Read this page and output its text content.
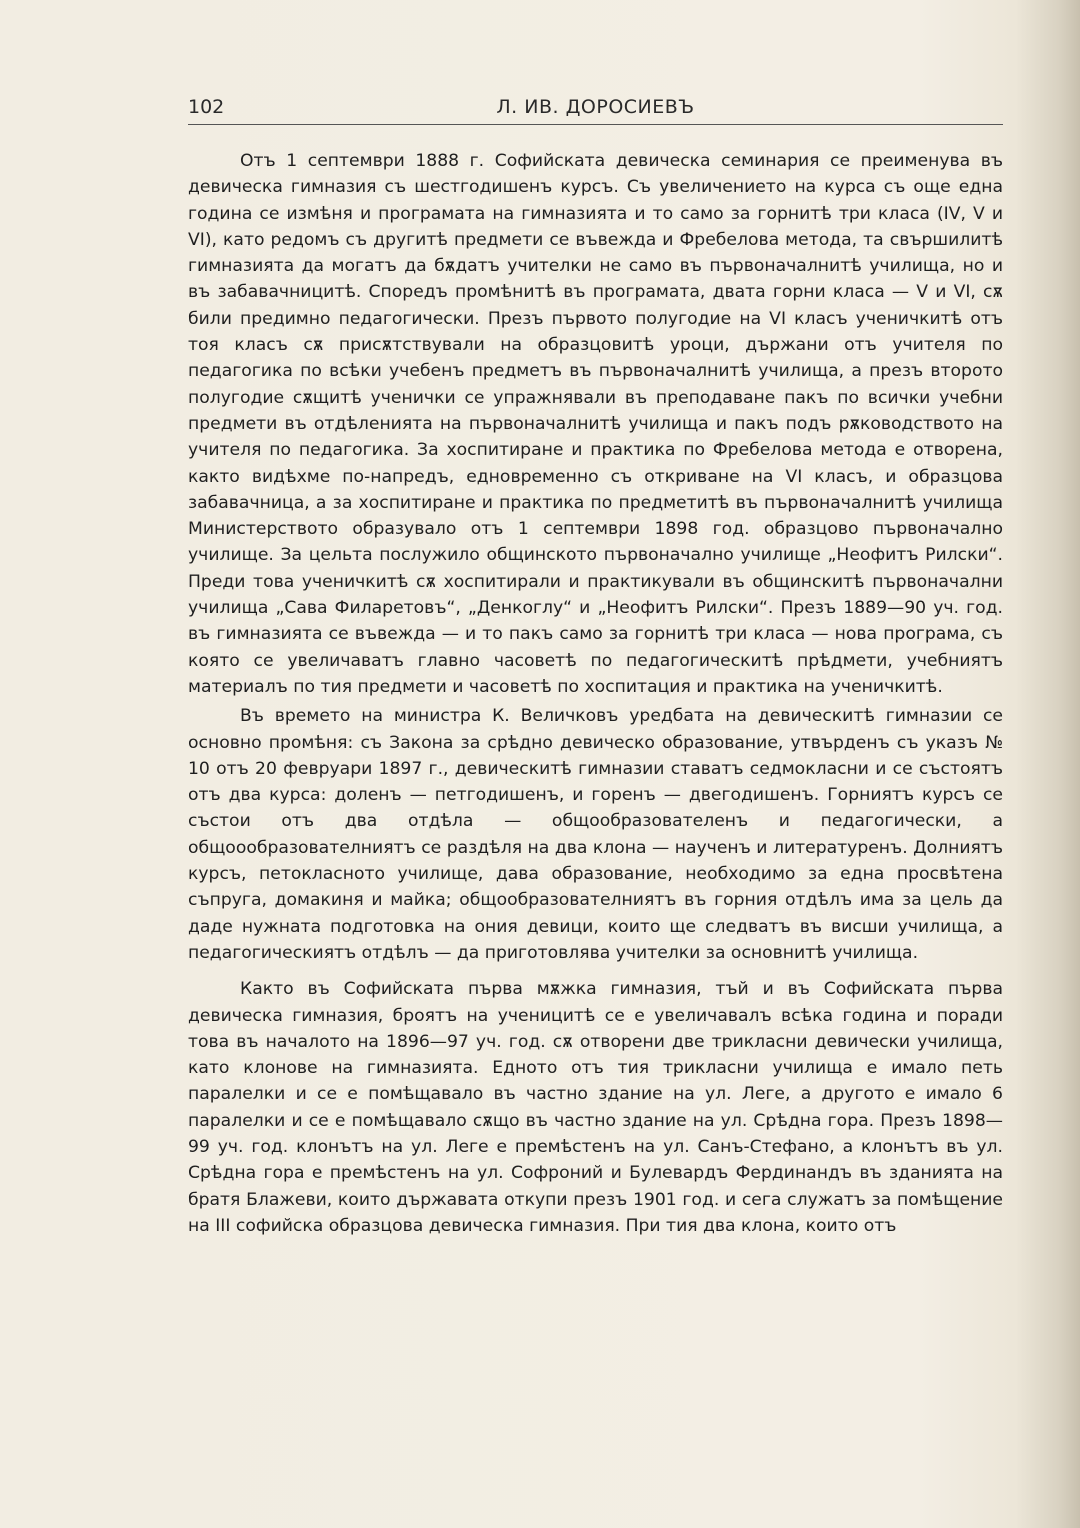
102	Л. ИВ. ДОРОСИЕВЪ

Отъ 1 септември 1888 г. Софийската девическа семинария се преименува въ девическа гимназия съ шестгодишенъ курсъ. Съ увеличението на курса съ още една година се измѣня и програмата на гимназията и то само за горнитѣ три класа (IV, V и VI), като редомъ съ другитѣ предмети се въвежда и Фребелова метода, та свършилитѣ гимназията да могатъ да бѫдатъ учителки не само въ първоначалнитѣ училища, но и въ забавачницитѣ. Споредъ промѣнитѣ въ програмата, двата горни класа — V и VI, сѫ били предимно педагогически. Презъ първото полугодие на VI класъ ученичкитѣ отъ тоя класъ сѫ присѫтствували на образцовитѣ уроци, държани отъ учителя по педагогика по всѣки учебенъ предметъ въ първоначалнитѣ училища, а презъ второто полугодие сѫщитѣ ученички се упражнявали въ преподаване пакъ по всички учебни предмети въ отдѣленията на първоначалнитѣ училища и пакъ подъ рѫководството на учителя по педагогика. За хоспитиране и практика по Фребелова метода е отворена, както видѣхме по-напредъ, едновременно съ откриване на VI класъ, и образцова забавачница, а за хоспитиране и практика по предметитѣ въ първоначалнитѣ училища Министерството образувало отъ 1 септември 1898 год. образцово първоначално училище. За цельта послужило общинското първоначално училище „Неофитъ Рилски“. Преди това ученичкитѣ сѫ хоспитирали и практикували въ общинскитѣ първоначални училища „Сава Филаретовъ“, „Денкоглу“ и „Неофитъ Рилски“. Презъ 1889—90 уч. год. въ гимназията се въвежда — и то пакъ само за горнитѣ три класа — нова програма, съ която се увеличаватъ главно часоветѣ по педагогическитѣ прѣдмети, учебниятъ материалъ по тия предмети и часоветѣ по хоспитация и практика на ученичкитѣ.

Въ времето на министра К. Величковъ уредбата на девическитѣ гимназии се основно промѣня: съ Закона за срѣдно девическо образование, утвърденъ съ указъ № 10 отъ 20 февруари 1897 г., девическитѣ гимназии ставатъ седмокласни и се състоятъ отъ два курса: доленъ — петгодишенъ, и горенъ — двегодишенъ. Горниятъ курсъ се състои отъ два отдѣла — общообразователенъ и педагогически, а общоообразователниятъ се раздѣля на два клона — наученъ и литературенъ. Долниятъ курсъ, петокласното училище, дава образование, необходимо за една просвѣтена съпруга, домакиня и майка; общообразователниятъ въ горния отдѣлъ има за цель да даде нужната подготовка на ония девици, които ще следватъ въ висши училища, а педагогическиятъ отдѣлъ — да приготовлява учителки за основнитѣ училища.

Както въ Софийската първа мѫжка гимназия, тъй и въ Софийската първа девическа гимназия, броятъ на ученицитѣ се е увеличавалъ всѣка година и поради това въ началото на 1896—97 уч. год. сѫ отворени две трикласни девически училища, като клонове на гимназията. Едното отъ тия трикласни училища е имало петь паралелки и се е помѣщавало въ частно здание на ул. Леге, а другото е имало 6 паралелки и се е помѣщавало сѫщо въ частно здание на ул. Срѣдна гора. Презъ 1898—99 уч. год. клонътъ на ул. Леге е премѣстенъ на ул. Санъ-Стефано, а клонътъ въ ул. Срѣдна гора е премѣстенъ на ул. Софроний и Булевардъ Фердинандъ въ зданията на братя Блажеви, които държавата откупи презъ 1901 год. и сега служатъ за помѣщение на III софийска образцова девическа гимназия. При тия два клона, които отъ
